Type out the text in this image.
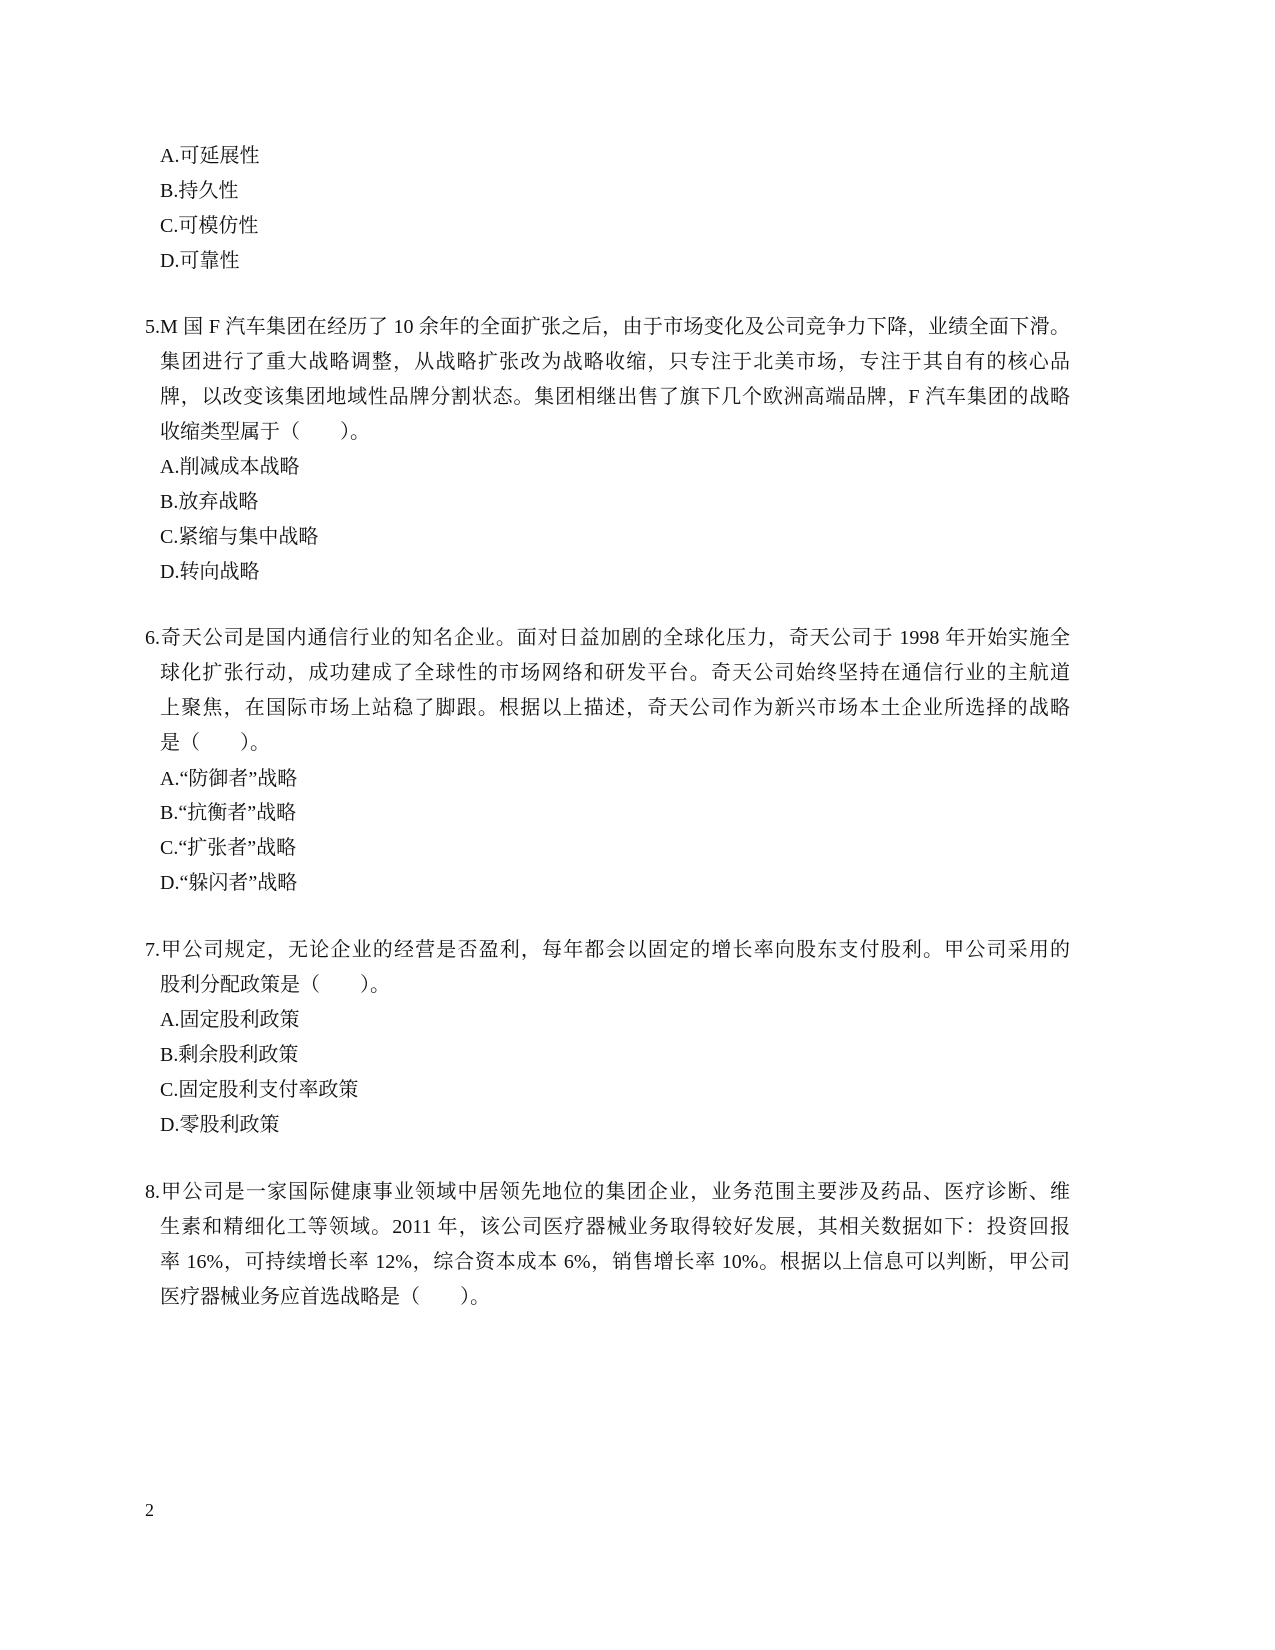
A.可延展性
B.持久性
C.可模仿性
D.可靠性
5.M 国 F 汽车集团在经历了 10 余年的全面扩张之后，由于市场变化及公司竞争力下降，业绩全面下滑。
集团进行了重大战略调整，从战略扩张改为战略收缩，只专注于北美市场，专注于其自有的核心品
牌，以改变该集团地域性品牌分割状态。集团相继出售了旗下几个欧洲高端品牌，F 汽车集团的战略
收缩类型属于（　　）。
A.削减成本战略
B.放弃战略
C.紧缩与集中战略
D.转向战略
6.奇天公司是国内通信行业的知名企业。面对日益加剧的全球化压力，奇天公司于 1998 年开始实施全
球化扩张行动，成功建成了全球性的市场网络和研发平台。奇天公司始终坚持在通信行业的主航道
上聚焦，在国际市场上站稳了脚跟。根据以上描述，奇天公司作为新兴市场本土企业所选择的战略
是（　　）。
A.“防御者”战略
B.“抗衡者”战略
C.“扩张者”战略
D.“躲闪者”战略
7.甲公司规定，无论企业的经营是否盈利，每年都会以固定的增长率向股东支付股利。甲公司采用的
股利分配政策是（　　）。
A.固定股利政策
B.剩余股利政策
C.固定股利支付率政策
D.零股利政策
8.甲公司是一家国际健康事业领域中居领先地位的集团企业，业务范围主要涉及药品、医疗诊断、维
生素和精细化工等领域。2011 年，该公司医疗器械业务取得较好发展，其相关数据如下：投资回报
率 16%，可持续增长率 12%，综合资本成本 6%，销售增长率 10%。根据以上信息可以判断，甲公司
医疗器械业务应首选战略是（　　）。
2
